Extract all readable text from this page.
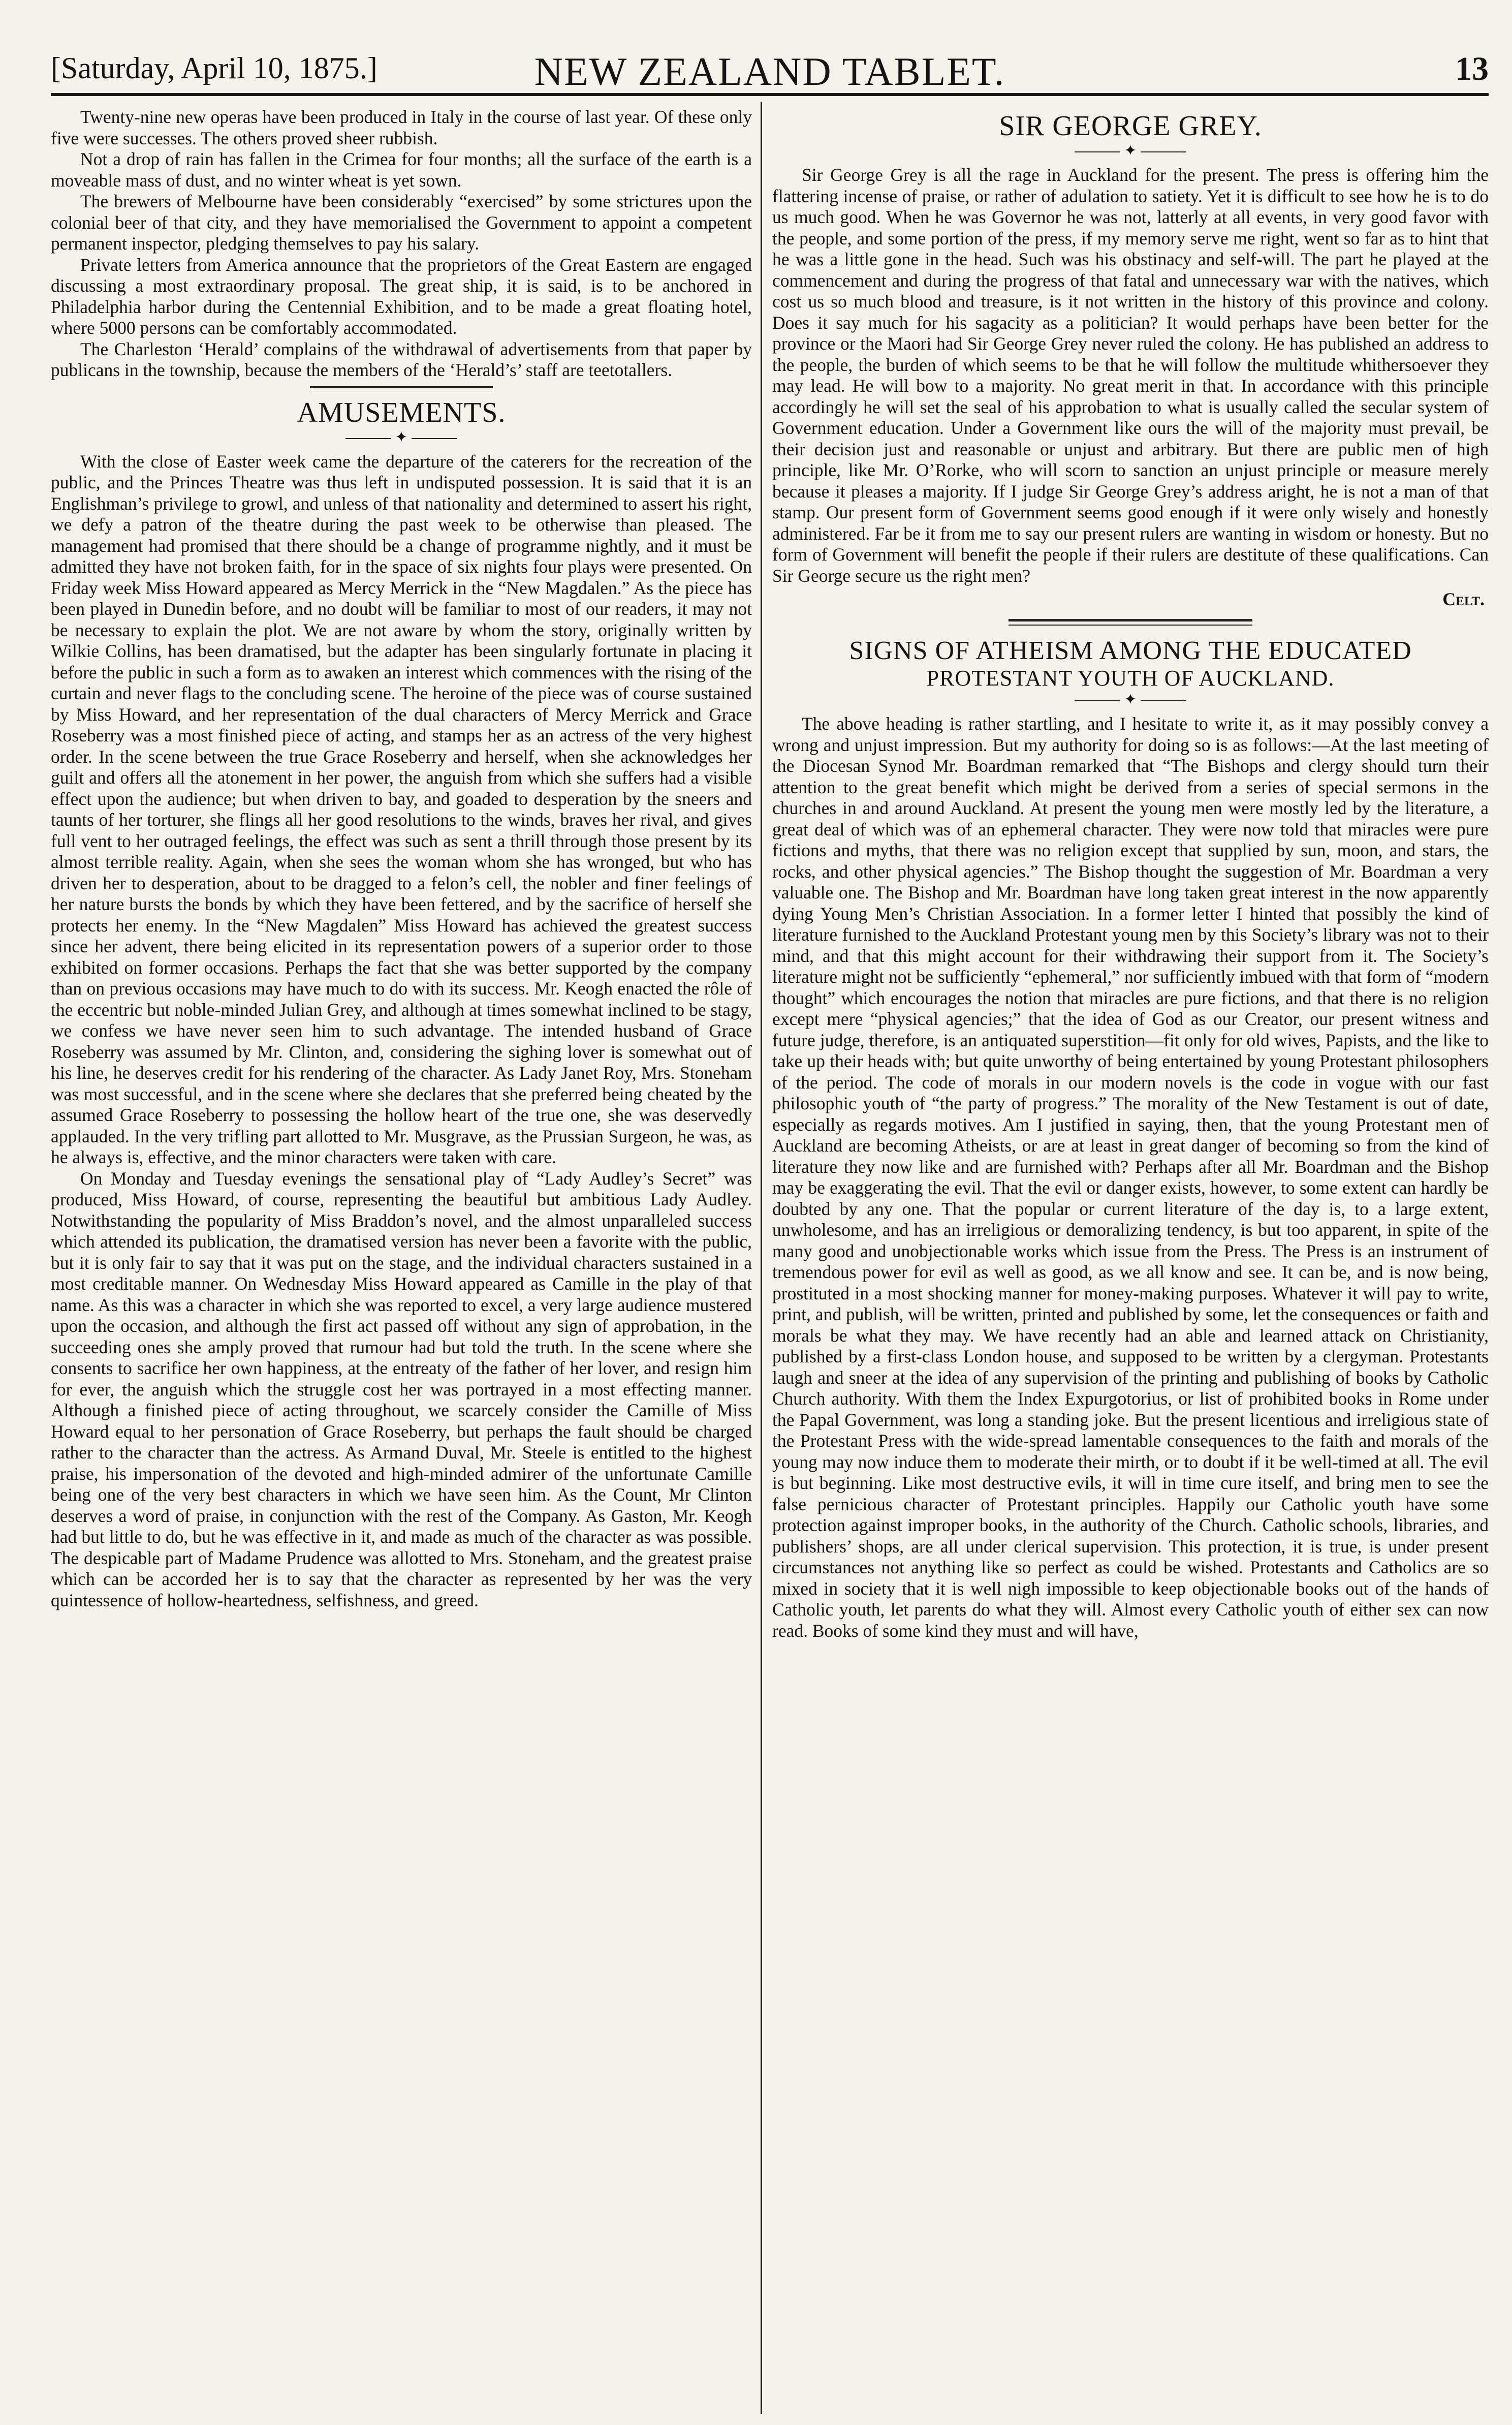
[Saturday, April 10, 1875.]	NEW ZEALAND TABLET.	13

Twenty-nine new operas have been produced in Italy in the course of last year. Of these only five were successes. The others proved sheer rubbish.

Not a drop of rain has fallen in the Crimea for four months; all the surface of the earth is a moveable mass of dust, and no winter wheat is yet sown.

The brewers of Melbourne have been considerably “exercised” by some strictures upon the colonial beer of that city, and they have memorialised the Government to appoint a competent permanent inspector, pledging themselves to pay his salary.

Private letters from America announce that the proprietors of the Great Eastern are engaged discussing a most extraordinary proposal. The great ship, it is said, is to be anchored in Philadelphia harbor during the Centennial Exhibition, and to be made a great floating hotel, where 5000 persons can be comfortably accommodated.

The Charleston ‘Herald’ complains of the withdrawal of advertisements from that paper by publicans in the township, because the members of the ‘Herald’s’ staff are teetotallers.

AMUSEMENTS.
✦

With the close of Easter week came the departure of the caterers for the recreation of the public, and the Princes Theatre was thus left in undisputed possession. It is said that it is an Englishman’s privilege to growl, and unless of that nationality and determined to assert his right, we defy a patron of the theatre during the past week to be otherwise than pleased. The management had promised that there should be a change of programme nightly, and it must be admitted they have not broken faith, for in the space of six nights four plays were presented. On Friday week Miss Howard appeared as Mercy Merrick in the “New Magdalen.” As the piece has been played in Dunedin before, and no doubt will be familiar to most of our readers, it may not be necessary to explain the plot. We are not aware by whom the story, originally written by Wilkie Collins, has been dramatised, but the adapter has been singularly fortunate in placing it before the public in such a form as to awaken an interest which commences with the rising of the curtain and never flags to the concluding scene. The heroine of the piece was of course sustained by Miss Howard, and her representation of the dual characters of Mercy Merrick and Grace Roseberry was a most finished piece of acting, and stamps her as an actress of the very highest order. In the scene between the true Grace Roseberry and herself, when she acknowledges her guilt and offers all the atonement in her power, the anguish from which she suffers had a visible effect upon the audience; but when driven to bay, and goaded to desperation by the sneers and taunts of her torturer, she flings all her good resolutions to the winds, braves her rival, and gives full vent to her outraged feelings, the effect was such as sent a thrill through those present by its almost terrible reality. Again, when she sees the woman whom she has wronged, but who has driven her to desperation, about to be dragged to a felon’s cell, the nobler and finer feelings of her nature bursts the bonds by which they have been fettered, and by the sacrifice of herself she protects her enemy. In the “New Magdalen” Miss Howard has achieved the greatest success since her advent, there being elicited in its representation powers of a superior order to those exhibited on former occasions. Perhaps the fact that she was better supported by the company than on previous occasions may have much to do with its success. Mr. Keogh enacted the rôle of the eccentric but noble-minded Julian Grey, and although at times somewhat inclined to be stagy, we confess we have never seen him to such advantage. The intended husband of Grace Roseberry was assumed by Mr. Clinton, and, considering the sighing lover is somewhat out of his line, he deserves credit for his rendering of the character. As Lady Janet Roy, Mrs. Stoneham was most successful, and in the scene where she declares that she preferred being cheated by the assumed Grace Roseberry to possessing the hollow heart of the true one, she was deservedly applauded. In the very trifling part allotted to Mr. Musgrave, as the Prussian Surgeon, he was, as he always is, effective, and the minor characters were taken with care.

On Monday and Tuesday evenings the sensational play of “Lady Audley’s Secret” was produced, Miss Howard, of course, representing the beautiful but ambitious Lady Audley. Notwithstanding the popularity of Miss Braddon’s novel, and the almost unparalleled success which attended its publication, the dramatised version has never been a favorite with the public, but it is only fair to say that it was put on the stage, and the individual characters sustained in a most creditable manner. On Wednesday Miss Howard appeared as Camille in the play of that name. As this was a character in which she was reported to excel, a very large audience mustered upon the occasion, and although the first act passed off without any sign of approbation, in the succeeding ones she amply proved that rumour had but told the truth. In the scene where she consents to sacrifice her own happiness, at the entreaty of the father of her lover, and resign him for ever, the anguish which the struggle cost her was portrayed in a most effecting manner. Although a finished piece of acting throughout, we scarcely consider the Camille of Miss Howard equal to her personation of Grace Roseberry, but perhaps the fault should be charged rather to the character than the actress. As Armand Duval, Mr. Steele is entitled to the highest praise, his impersonation of the devoted and high-minded admirer of the unfortunate Camille being one of the very best characters in which we have seen him. As the Count, Mr Clinton deserves a word of praise, in conjunction with the rest of the Company. As Gaston, Mr. Keogh had but little to do, but he was effective in it, and made as much of the character as was possible. The despicable part of Madame Prudence was allotted to Mrs. Stoneham, and the greatest praise which can be accorded her is to say that the character as represented by her was the very quintessence of hollow-heartedness, selfishness, and greed.

SIR GEORGE GREY.
✦

Sir George Grey is all the rage in Auckland for the present. The press is offering him the flattering incense of praise, or rather of adulation to satiety. Yet it is difficult to see how he is to do us much good. When he was Governor he was not, latterly at all events, in very good favor with the people, and some portion of the press, if my memory serve me right, went so far as to hint that he was a little gone in the head. Such was his obstinacy and self-will. The part he played at the commencement and during the progress of that fatal and unnecessary war with the natives, which cost us so much blood and treasure, is it not written in the history of this province and colony. Does it say much for his sagacity as a politician? It would perhaps have been better for the province or the Maori had Sir George Grey never ruled the colony. He has published an address to the people, the burden of which seems to be that he will follow the multitude whithersoever they may lead. He will bow to a majority. No great merit in that. In accordance with this principle accordingly he will set the seal of his approbation to what is usually called the secular system of Government education. Under a Government like ours the will of the majority must prevail, be their decision just and reasonable or unjust and arbitrary. But there are public men of high principle, like Mr. O’Rorke, who will scorn to sanction an unjust principle or measure merely because it pleases a majority. If I judge Sir George Grey’s address aright, he is not a man of that stamp. Our present form of Government seems good enough if it were only wisely and honestly administered. Far be it from me to say our present rulers are wanting in wisdom or honesty. But no form of Government will benefit the people if their rulers are destitute of these qualifications. Can Sir George secure us the right men?

Celt.
SIGNS OF ATHEISM AMONG THE EDUCATED
PROTESTANT YOUTH OF AUCKLAND.
✦

The above heading is rather startling, and I hesitate to write it, as it may possibly convey a wrong and unjust impression. But my authority for doing so is as follows:—At the last meeting of the Diocesan Synod Mr. Boardman remarked that “The Bishops and clergy should turn their attention to the great benefit which might be derived from a series of special sermons in the churches in and around Auckland. At present the young men were mostly led by the literature, a great deal of which was of an ephemeral character. They were now told that miracles were pure fictions and myths, that there was no religion except that supplied by sun, moon, and stars, the rocks, and other physical agencies.” The Bishop thought the suggestion of Mr. Boardman a very valuable one. The Bishop and Mr. Boardman have long taken great interest in the now apparently dying Young Men’s Christian Association. In a former letter I hinted that possibly the kind of literature furnished to the Auckland Protestant young men by this Society’s library was not to their mind, and that this might account for their withdrawing their support from it. The Society’s literature might not be sufficiently “ephemeral,” nor sufficiently imbued with that form of “modern thought” which encourages the notion that miracles are pure fictions, and that there is no religion except mere “physical agencies;” that the idea of God as our Creator, our present witness and future judge, therefore, is an antiquated superstition—fit only for old wives, Papists, and the like to take up their heads with; but quite unworthy of being entertained by young Protestant philosophers of the period. The code of morals in our modern novels is the code in vogue with our fast philosophic youth of “the party of progress.” The morality of the New Testament is out of date, especially as regards motives. Am I justified in saying, then, that the young Protestant men of Auckland are becoming Atheists, or are at least in great danger of becoming so from the kind of literature they now like and are furnished with? Perhaps after all Mr. Boardman and the Bishop may be exaggerating the evil. That the evil or danger exists, however, to some extent can hardly be doubted by any one. That the popular or current literature of the day is, to a large extent, unwholesome, and has an irreligious or demoralizing tendency, is but too apparent, in spite of the many good and unobjectionable works which issue from the Press. The Press is an instrument of tremendous power for evil as well as good, as we all know and see. It can be, and is now being, prostituted in a most shocking manner for money-making purposes. Whatever it will pay to write, print, and publish, will be written, printed and published by some, let the consequences or faith and morals be what they may. We have recently had an able and learned attack on Christianity, published by a first-class London house, and supposed to be written by a clergyman. Protestants laugh and sneer at the idea of any supervision of the printing and publishing of books by Catholic Church authority. With them the Index Expurgotorius, or list of prohibited books in Rome under the Papal Government, was long a standing joke. But the present licentious and irreligious state of the Protestant Press with the wide-spread lamentable consequences to the faith and morals of the young may now induce them to moderate their mirth, or to doubt if it be well-timed at all. The evil is but beginning. Like most destructive evils, it will in time cure itself, and bring men to see the false pernicious character of Protestant principles. Happily our Catholic youth have some protection against improper books, in the authority of the Church. Catholic schools, libraries, and publishers’ shops, are all under clerical supervision. This protection, it is true, is under present circumstances not anything like so perfect as could be wished. Protestants and Catholics are so mixed in society that it is well nigh impossible to keep objectionable books out of the hands of Catholic youth, let parents do what they will. Almost every Catholic youth of either sex can now read. Books of some kind they must and will have,
